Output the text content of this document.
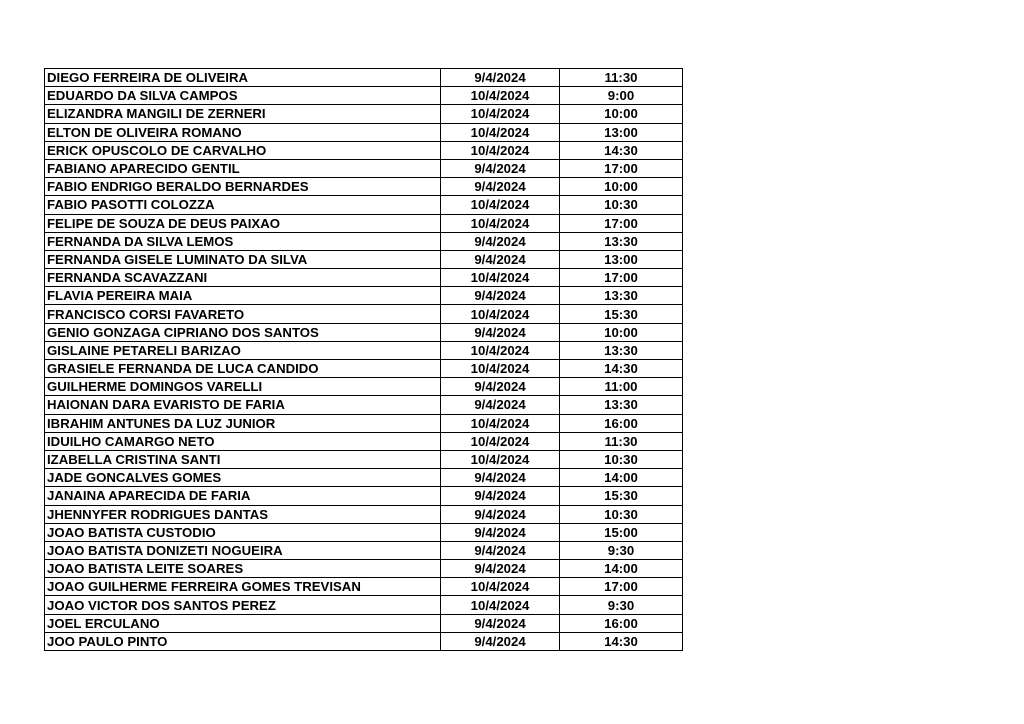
DIEGO FERREIRA DE OLIVEIRA	9/4/2024	11:30
EDUARDO DA SILVA CAMPOS	10/4/2024	9:00
ELIZANDRA MANGILI DE ZERNERI	10/4/2024	10:00
ELTON DE OLIVEIRA ROMANO	10/4/2024	13:00
ERICK OPUSCOLO DE CARVALHO	10/4/2024	14:30
FABIANO APARECIDO GENTIL	9/4/2024	17:00
FABIO ENDRIGO BERALDO BERNARDES	9/4/2024	10:00
FABIO PASOTTI COLOZZA	10/4/2024	10:30
FELIPE DE SOUZA DE DEUS PAIXAO	10/4/2024	17:00
FERNANDA DA SILVA LEMOS	9/4/2024	13:30
FERNANDA GISELE LUMINATO DA SILVA	9/4/2024	13:00
FERNANDA SCAVAZZANI	10/4/2024	17:00
FLAVIA PEREIRA MAIA	9/4/2024	13:30
FRANCISCO CORSI FAVARETO	10/4/2024	15:30
GENIO GONZAGA CIPRIANO DOS SANTOS	9/4/2024	10:00
GISLAINE PETARELI BARIZAO	10/4/2024	13:30
GRASIELE FERNANDA DE LUCA CANDIDO	10/4/2024	14:30
GUILHERME DOMINGOS VARELLI	9/4/2024	11:00
HAIONAN DARA EVARISTO DE FARIA	9/4/2024	13:30
IBRAHIM ANTUNES DA LUZ JUNIOR	10/4/2024	16:00
IDUILHO CAMARGO NETO	10/4/2024	11:30
IZABELLA CRISTINA SANTI	10/4/2024	10:30
JADE GONCALVES GOMES	9/4/2024	14:00
JANAINA APARECIDA DE FARIA	9/4/2024	15:30
JHENNYFER RODRIGUES DANTAS	9/4/2024	10:30
JOAO BATISTA CUSTODIO	9/4/2024	15:00
JOAO BATISTA DONIZETI NOGUEIRA	9/4/2024	9:30
JOAO BATISTA LEITE SOARES	9/4/2024	14:00
JOAO GUILHERME FERREIRA GOMES TREVISAN	10/4/2024	17:00
JOAO VICTOR DOS SANTOS PEREZ	10/4/2024	9:30
JOEL ERCULANO	9/4/2024	16:00
JOO PAULO PINTO	9/4/2024	14:30
